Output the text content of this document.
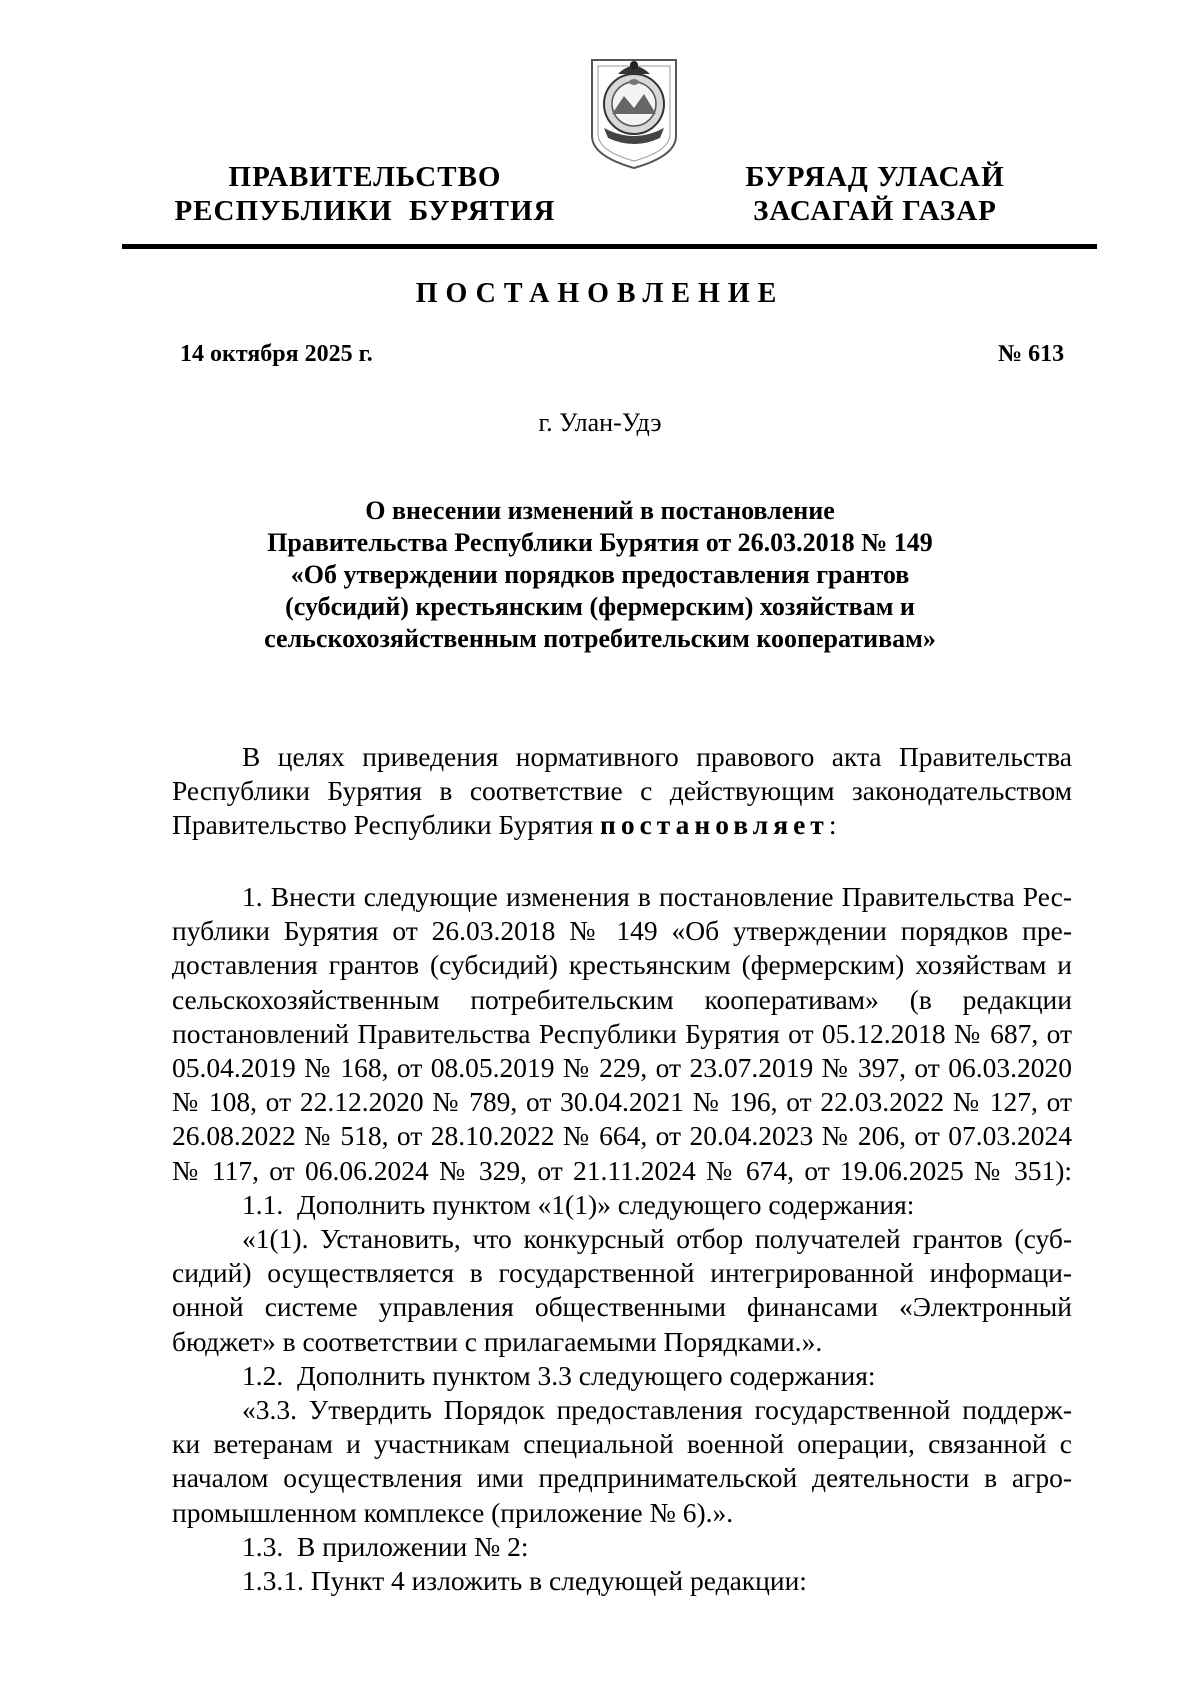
ПРАВИТЕЛЬСТВО
РЕСПУБЛИКИ  БУРЯТИЯ
БУРЯАД УЛАСАЙ
ЗАСАГАЙ ГАЗАР
ПОСТАНОВЛЕНИЕ
14 октября 2025 г.	№ 613
г. Улан-Удэ
О внесении изменений в постановление
Правительства Республики Бурятия от 26.03.2018 № 149
«Об утверждении порядков предоставления грантов
(субсидий) крестьянским (фермерским) хозяйствам и
сельскохозяйственным потребительским кооперативам»
В целях приведения нормативного правового акта Правительства
Республики Бурятия в соответствие с действующим законодательством
Правительство Республики Бурятия постановляет:
1. Внести следующие изменения в постановление Правительства Рес-
публики Бурятия от 26.03.2018 № 149 «Об утверждении порядков пре-
доставления грантов (субсидий) крестьянским (фермерским) хозяйствам и
сельскохозяйственным потребительским кооперативам» (в редакции
постановлений Правительства Республики Бурятия от 05.12.2018 № 687, от
05.04.2019 № 168, от 08.05.2019 № 229, от 23.07.2019 № 397, от 06.03.2020
№ 108, от 22.12.2020 № 789, от 30.04.2021 № 196, от 22.03.2022 № 127, от
26.08.2022 № 518, от 28.10.2022 № 664, от 20.04.2023 № 206, от 07.03.2024
№ 117, от 06.06.2024 № 329, от 21.11.2024 № 674, от 19.06.2025 № 351):
1.1.  Дополнить пунктом «1(1)» следующего содержания:
«1(1). Установить, что конкурсный отбор получателей грантов (суб-
сидий) осуществляется в государственной интегрированной информаци-
онной системе управления общественными финансами «Электронный
бюджет» в соответствии с прилагаемыми Порядками.».
1.2.  Дополнить пунктом 3.3 следующего содержания:
«3.3. Утвердить Порядок предоставления государственной поддерж-
ки ветеранам и участникам специальной военной операции, связанной с
началом осуществления ими предпринимательской деятельности в агро-
промышленном комплексе (приложение № 6).».
1.3.  В приложении № 2:
1.3.1. Пункт 4 изложить в следующей редакции:
